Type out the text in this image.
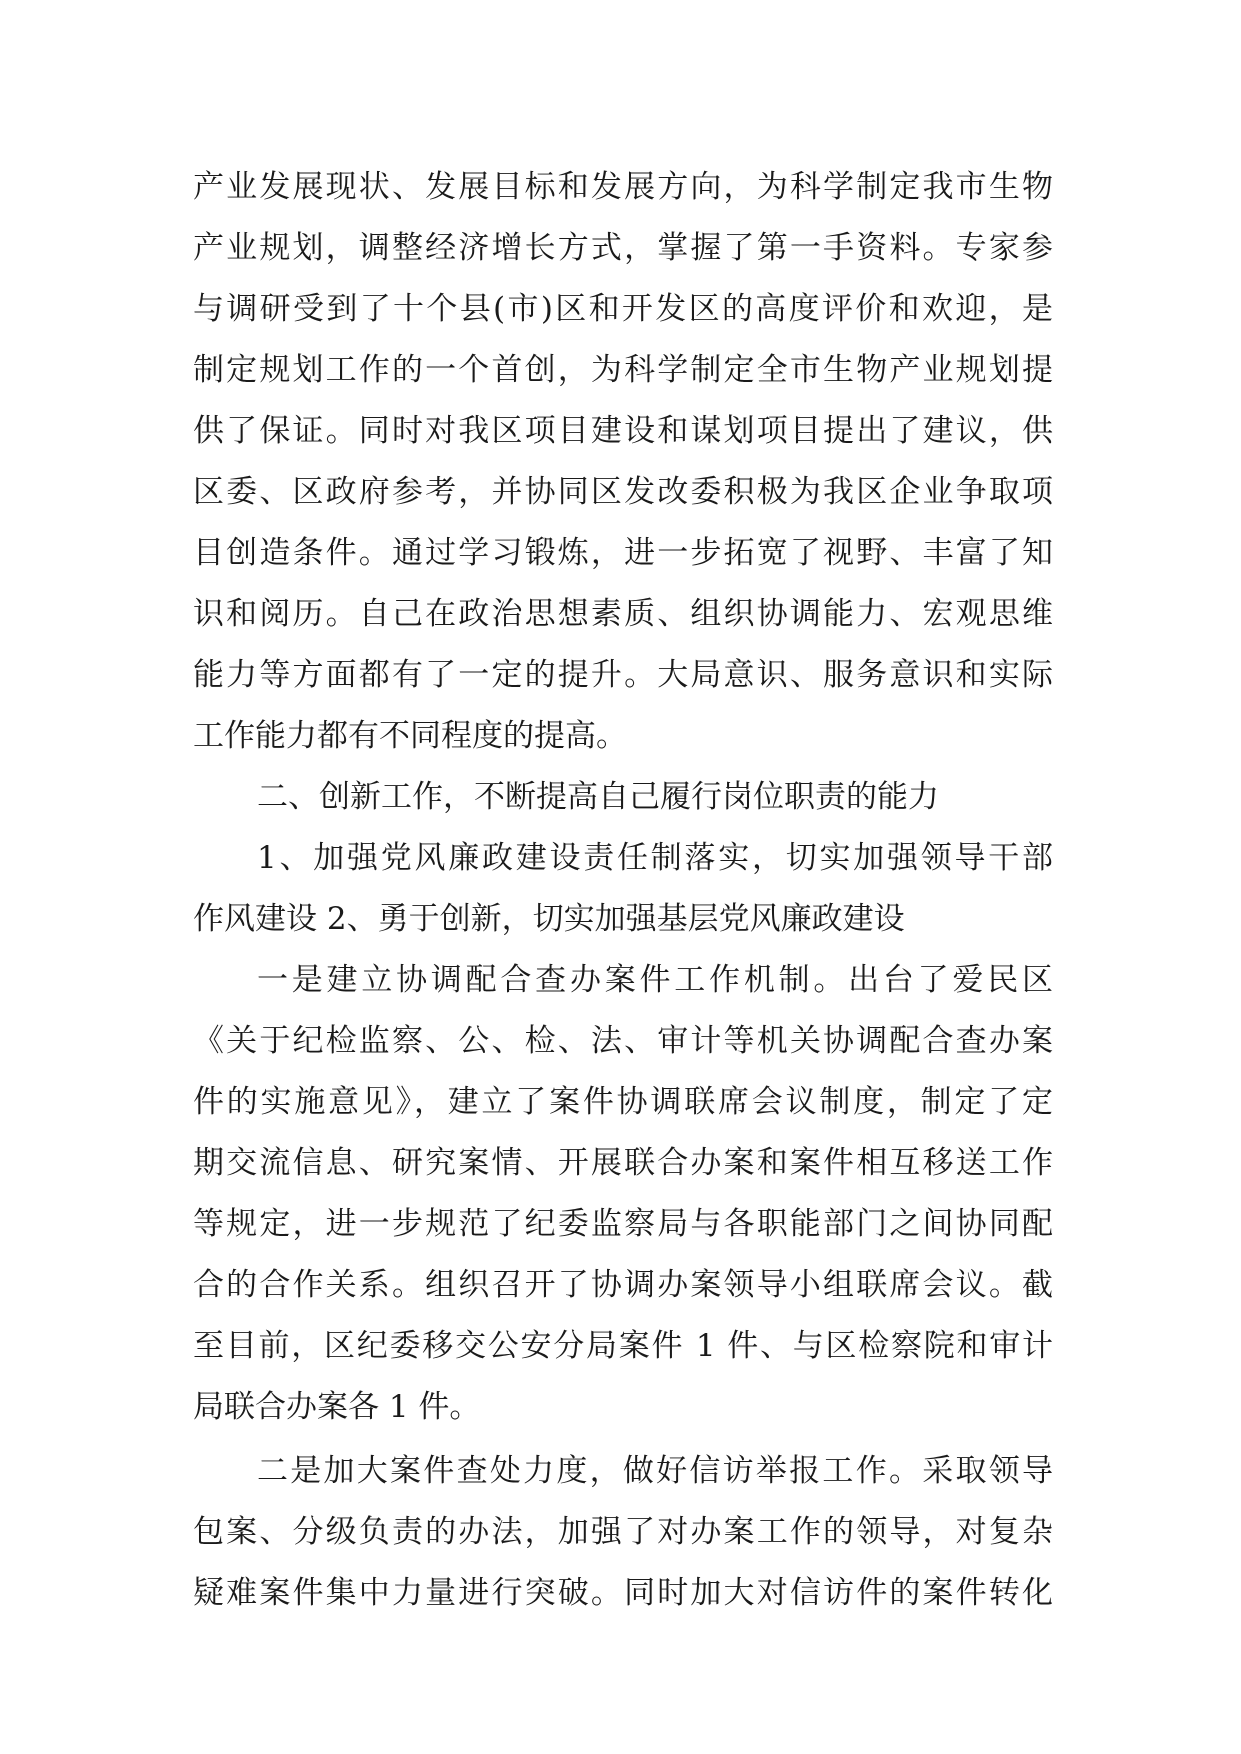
产业发展现状、发展目标和发展方向，为科学制定我市生物
产业规划，调整经济增长方式，掌握了第一手资料。专家参
与调研受到了十个县(市)区和开发区的高度评价和欢迎，是
制定规划工作的一个首创，为科学制定全市生物产业规划提
供了保证。同时对我区项目建设和谋划项目提出了建议，供
区委、区政府参考，并协同区发改委积极为我区企业争取项
目创造条件。通过学习锻炼，进一步拓宽了视野、丰富了知
识和阅历。自己在政治思想素质、组织协调能力、宏观思维
能力等方面都有了一定的提升。大局意识、服务意识和实际
工作能力都有不同程度的提高。
二、创新工作，不断提高自己履行岗位职责的能力
1、加强党风廉政建设责任制落实，切实加强领导干部
作风建设 2、勇于创新，切实加强基层党风廉政建设
一是建立协调配合查办案件工作机制。出台了爱民区
《关于纪检监察、公、检、法、审计等机关协调配合查办案
件的实施意见》，建立了案件协调联席会议制度，制定了定
期交流信息、研究案情、开展联合办案和案件相互移送工作
等规定，进一步规范了纪委监察局与各职能部门之间协同配
合的合作关系。组织召开了协调办案领导小组联席会议。截
至目前，区纪委移交公安分局案件 1 件、与区检察院和审计
局联合办案各 1 件。
二是加大案件查处力度，做好信访举报工作。采取领导
包案、分级负责的办法，加强了对办案工作的领导，对复杂
疑难案件集中力量进行突破。同时加大对信访件的案件转化
